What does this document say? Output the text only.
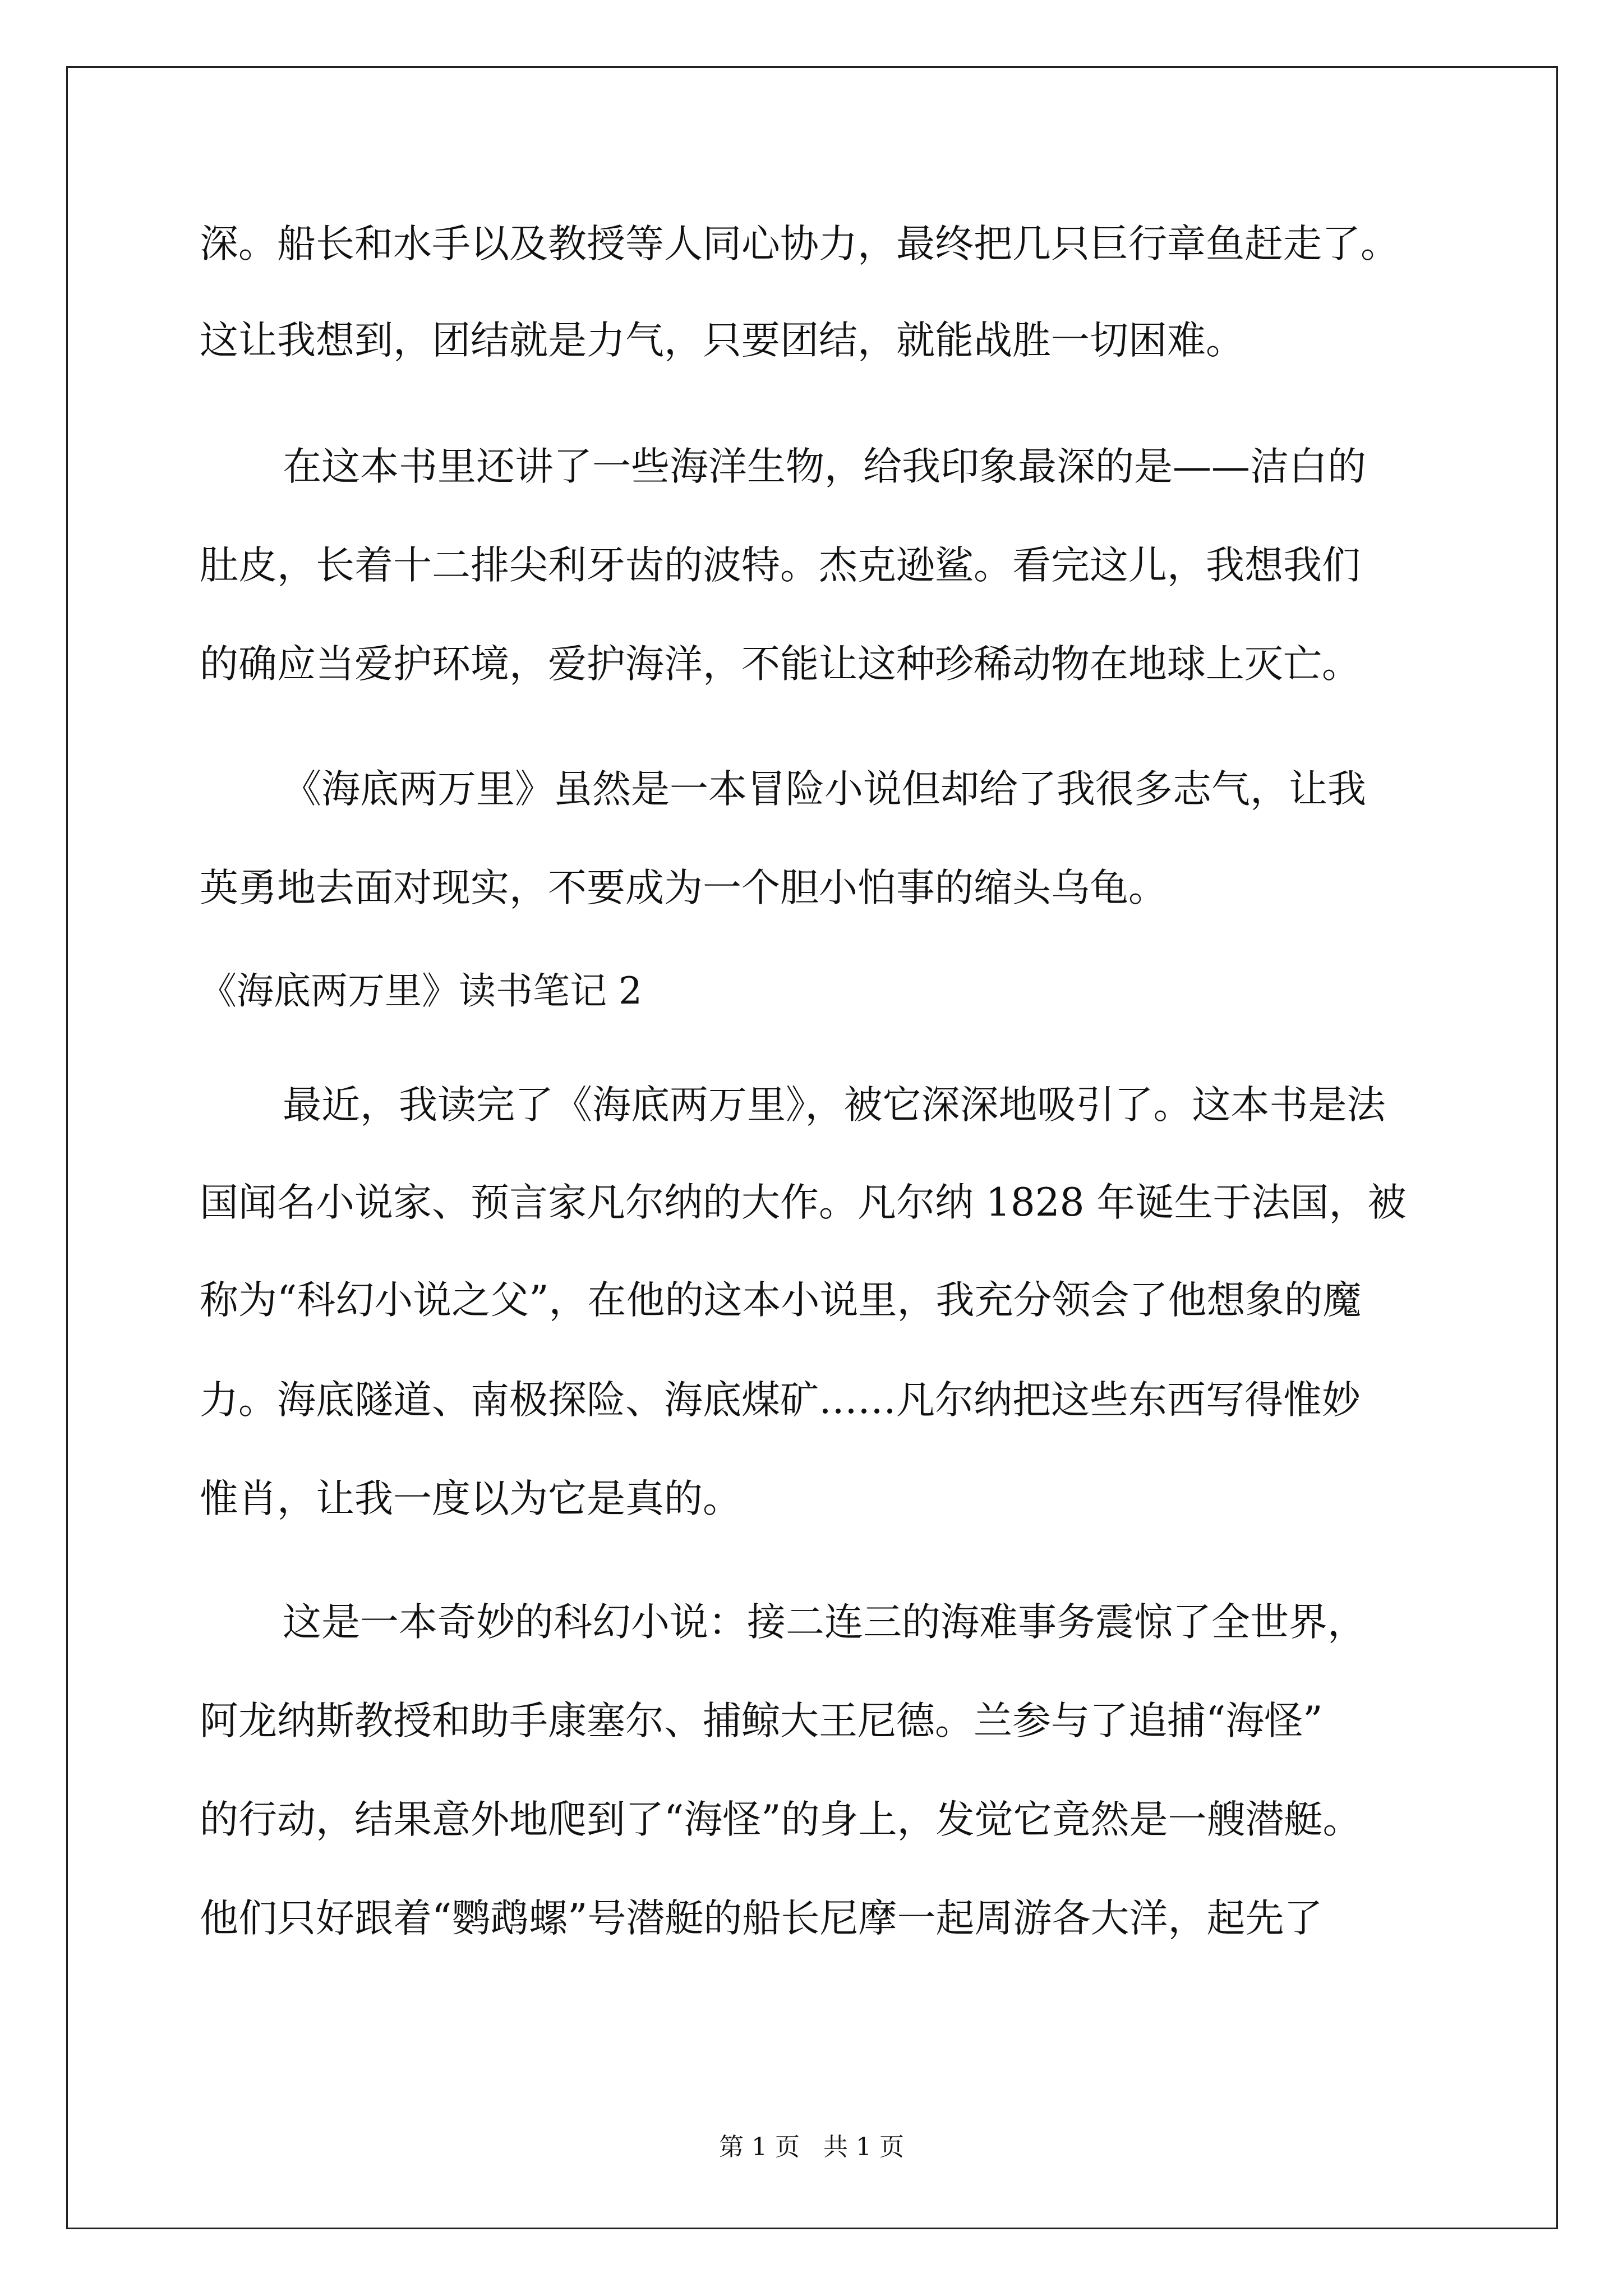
深。船长和水手以及教授等人同心协力，最终把几只巨行章鱼赶走了。
这让我想到，团结就是力气，只要团结，就能战胜一切困难。
在这本书里还讲了一些海洋生物，给我印象最深的是——洁白的
肚皮，长着十二排尖利牙齿的波特。杰克逊鲨。看完这儿，我想我们
的确应当爱护环境，爱护海洋，不能让这种珍稀动物在地球上灭亡。
《海底两万里》虽然是一本冒险小说但却给了我很多志气，让我
英勇地去面对现实，不要成为一个胆小怕事的缩头乌龟。
《海底两万里》读书笔记 2
最近，我读完了《海底两万里》，被它深深地吸引了。这本书是法
国闻名小说家、预言家凡尔纳的大作。凡尔纳 1828 年诞生于法国，被
称为“科幻小说之父”，在他的这本小说里，我充分领会了他想象的魔
力。海底隧道、南极探险、海底煤矿……凡尔纳把这些东西写得惟妙
惟肖，让我一度以为它是真的。
这是一本奇妙的科幻小说：接二连三的海难事务震惊了全世界，
阿龙纳斯教授和助手康塞尔、捕鲸大王尼德。兰参与了追捕“海怪”
的行动，结果意外地爬到了“海怪”的身上，发觉它竟然是一艘潜艇。
他们只好跟着“鹦鹉螺”号潜艇的船长尼摩一起周游各大洋，起先了
第 1 页   共 1 页
